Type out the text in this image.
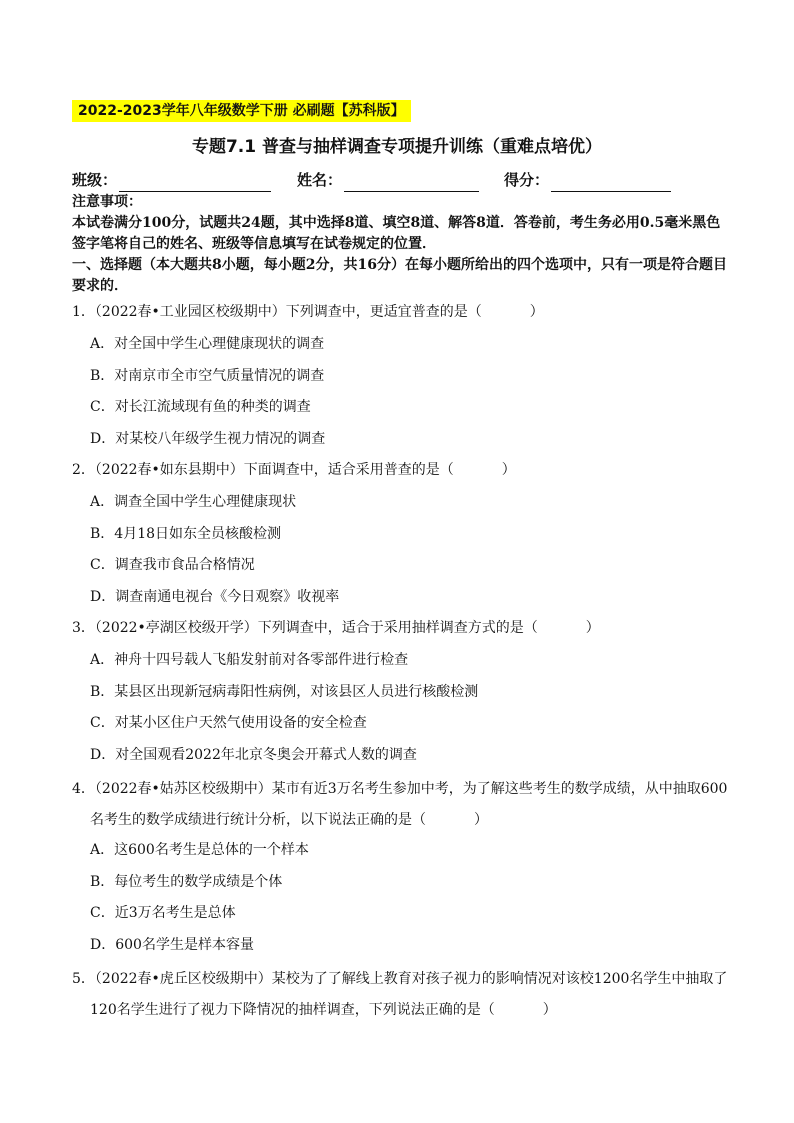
2022-2023学年八年级数学下册 必刷题【苏科版】
专题7.1 普查与抽样调查专项提升训练（重难点培优）
班级：	姓名：	得分：

注意事项：

本试卷满分100分，试题共24题，其中选择8道、填空8道、解答8道．答卷前，考生务必用0.5毫米黑色签字笔将自己的姓名、班级等信息填写在试卷规定的位置．

一、选择题（本大题共8小题，每小题2分，共16分）在每小题所给出的四个选项中，只有一项是符合题目要求的．

1．（2022春•工业园区校级期中）下列调查中，更适宜普查的是（	）

A．对全国中学生心理健康现状的调查

B．对南京市全市空气质量情况的调查

C．对长江流域现有鱼的种类的调查

D．对某校八年级学生视力情况的调查

2．（2022春•如东县期中）下面调查中，适合采用普查的是（	）

A．调查全国中学生心理健康现状

B．4月18日如东全员核酸检测

C．调查我市食品合格情况

D．调查南通电视台《今日观察》收视率

3．（2022•亭湖区校级开学）下列调查中，适合于采用抽样调查方式的是（	）

A．神舟十四号载人飞船发射前对各零部件进行检查

B．某县区出现新冠病毒阳性病例，对该县区人员进行核酸检测

C．对某小区住户天然气使用设备的安全检查

D．对全国观看2022年北京冬奥会开幕式人数的调查

4．（2022春•姑苏区校级期中）某市有近3万名考生参加中考，为了解这些考生的数学成绩，从中抽取600
名考生的数学成绩进行统计分析，以下说法正确的是（	）

A．这600名考生是总体的一个样本

B．每位考生的数学成绩是个体

C．近3万名考生是总体

D．600名学生是样本容量

5．（2022春•虎丘区校级期中）某校为了了解线上教育对孩子视力的影响情况对该校1200名学生中抽取了
120名学生进行了视力下降情况的抽样调查，下列说法正确的是（	）
